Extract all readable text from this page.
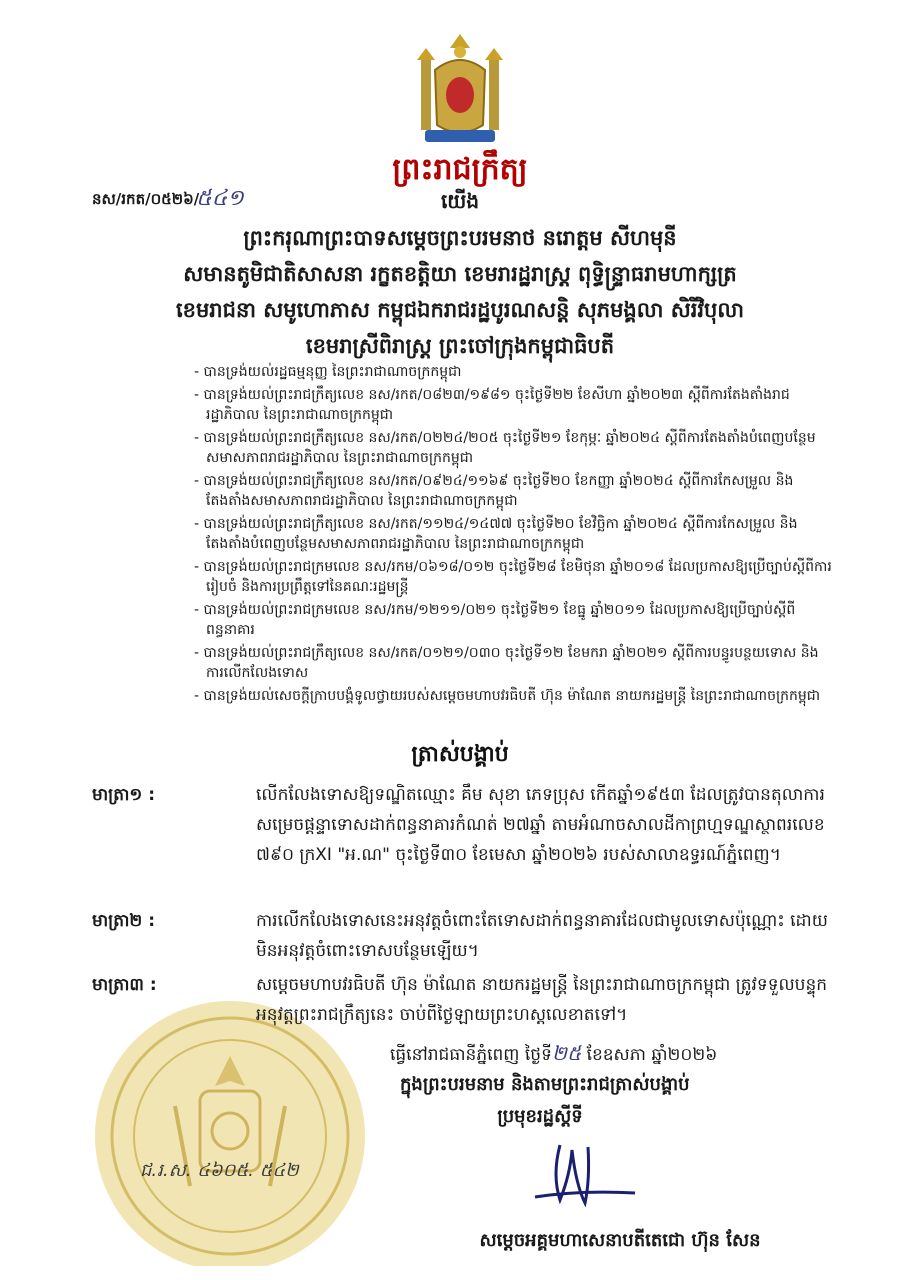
ព្រះរាជក្រឹត្យ
នស/រកត/០៥២៦/
៥៤១	យើង
ព្រះករុណាព្រះបាទសម្តេចព្រះបរមនាថ នរោត្តម សីហមុនី
សមានតូមិជាតិសាសនា រក្ខតខត្តិយា ខេមរារដ្ឋរាស្ត្រ ពុទ្ធិន្ទ្រាធរាមហាក្សត្រ
ខេមរាជនា សមូហោភាស កម្ពុជឯករាជរដ្ឋបូរណសន្តិ សុភមង្គលា សិរីវិបុលា
ខេមរាស្រីពិរាស្ត្រ ព្រះចៅក្រុងកម្ពុជាធិបតី
- បានទ្រង់យល់រដ្ឋធម្មនុញ្ញ នៃព្រះរាជាណាចក្រកម្ពុជា
- បានទ្រង់យល់ព្រះរាជក្រឹត្យលេខ នស/រកត/០៨២៣/១៩៨១ ចុះថ្ងៃទី២២ ខែសីហា ឆ្នាំ២០២៣ ស្តីពីការតែងតាំងរាជរដ្ឋាភិបាល នៃព្រះរាជាណាចក្រកម្ពុជា
- បានទ្រង់យល់ព្រះរាជក្រឹត្យលេខ នស/រកត/០២២៤/២០៥ ចុះថ្ងៃទី២១ ខែកុម្ភៈ ឆ្នាំ២០២៤ ស្តីពីការតែងតាំងបំពេញបន្ថែមសមាសភាពរាជរដ្ឋាភិបាល នៃព្រះរាជាណាចក្រកម្ពុជា
- បានទ្រង់យល់ព្រះរាជក្រឹត្យលេខ នស/រកត/០៩២៤/១១៦៩ ចុះថ្ងៃទី២០ ខែកញ្ញា ឆ្នាំ២០២៤ ស្តីពីការកែសម្រួល និងតែងតាំងសមាសភាពរាជរដ្ឋាភិបាល នៃព្រះរាជាណាចក្រកម្ពុជា
- បានទ្រង់យល់ព្រះរាជក្រឹត្យលេខ នស/រកត/១១២៤/១៤៧៧ ចុះថ្ងៃទី២០ ខែវិច្ឆិកា ឆ្នាំ២០២៤ ស្តីពីការកែសម្រួល និងតែងតាំងបំពេញបន្ថែមសមាសភាពរាជរដ្ឋាភិបាល នៃព្រះរាជាណាចក្រកម្ពុជា
- បានទ្រង់យល់ព្រះរាជក្រមលេខ នស/រកម/០៦១៨/០១២ ចុះថ្ងៃទី២៨ ខែមិថុនា ឆ្នាំ២០១៨ ដែលប្រកាសឱ្យប្រើច្បាប់ស្តីពីការរៀបចំ និងការប្រព្រឹត្តទៅនៃគណៈរដ្ឋមន្ត្រី
- បានទ្រង់យល់ព្រះរាជក្រមលេខ នស/រកម/១២១១/០២១ ចុះថ្ងៃទី២១ ខែធ្នូ ឆ្នាំ២០១១ ដែលប្រកាសឱ្យប្រើច្បាប់ស្តីពីពន្ធនាគារ
- បានទ្រង់យល់ព្រះរាជក្រឹត្យលេខ នស/រកត/០១២១/០៣០ ចុះថ្ងៃទី១២ ខែមករា ឆ្នាំ២០២១ ស្តីពីការបន្ធូរបន្ថយទោស និងការលើកលែងទោស
- បានទ្រង់យល់សេចក្តីក្រាបបង្គំទូលថ្វាយរបស់សម្តេចមហាបវរធិបតី ហ៊ុន ម៉ាណែត នាយករដ្ឋមន្ត្រី នៃព្រះរាជាណាចក្រកម្ពុជា
ត្រាស់បង្គាប់
មាត្រា១ :	លើកលែងទោសឱ្យទណ្ឌិតឈ្មោះ គឹម សុខា ភេទប្រុស កើតឆ្នាំ១៩៥៣ ដែលត្រូវបានតុលាការសម្រេចផ្តន្ទាទោសដាក់ពន្ធនាគារកំណត់ ២៧ឆ្នាំ តាមអំណាចសាលដីកាព្រហ្មទណ្ឌស្ថាពរលេខ ៧៩០ ក្រXI "អ.ណ" ចុះថ្ងៃទី៣០ ខែមេសា ឆ្នាំ២០២៦ របស់សាលាឧទ្ធរណ៍ភ្នំពេញ។
មាត្រា២ :	ការលើកលែងទោសនេះអនុវត្តចំពោះតែទោសដាក់ពន្ធនាគារដែលជាមូលទោសប៉ុណ្ណោះ ដោយមិនអនុវត្តចំពោះទោសបន្ថែមឡើយ។
មាត្រា៣ :	សម្តេចមហាបវរធិបតី ហ៊ុន ម៉ាណែត នាយករដ្ឋមន្ត្រី នៃព្រះរាជាណាចក្រកម្ពុជា ត្រូវទទួលបន្ទុកអនុវត្តព្រះរាជក្រឹត្យនេះ ចាប់ពីថ្ងៃឡាយព្រះហស្តលេខាតទៅ។
ធ្វើនៅរាជធានីភ្នំពេញ ថ្ងៃទី២៥ ខែឧសភា ឆ្នាំ២០២៦
ក្នុងព្រះបរមនាម និងតាមព្រះរាជត្រាស់បង្គាប់
ប្រមុខរដ្ឋស្តីទី
ជ.រ.ស. ៤៦០៥. ៥៤២
សម្តេចអគ្គមហាសេនាបតីតេជោ ហ៊ុន សែន
